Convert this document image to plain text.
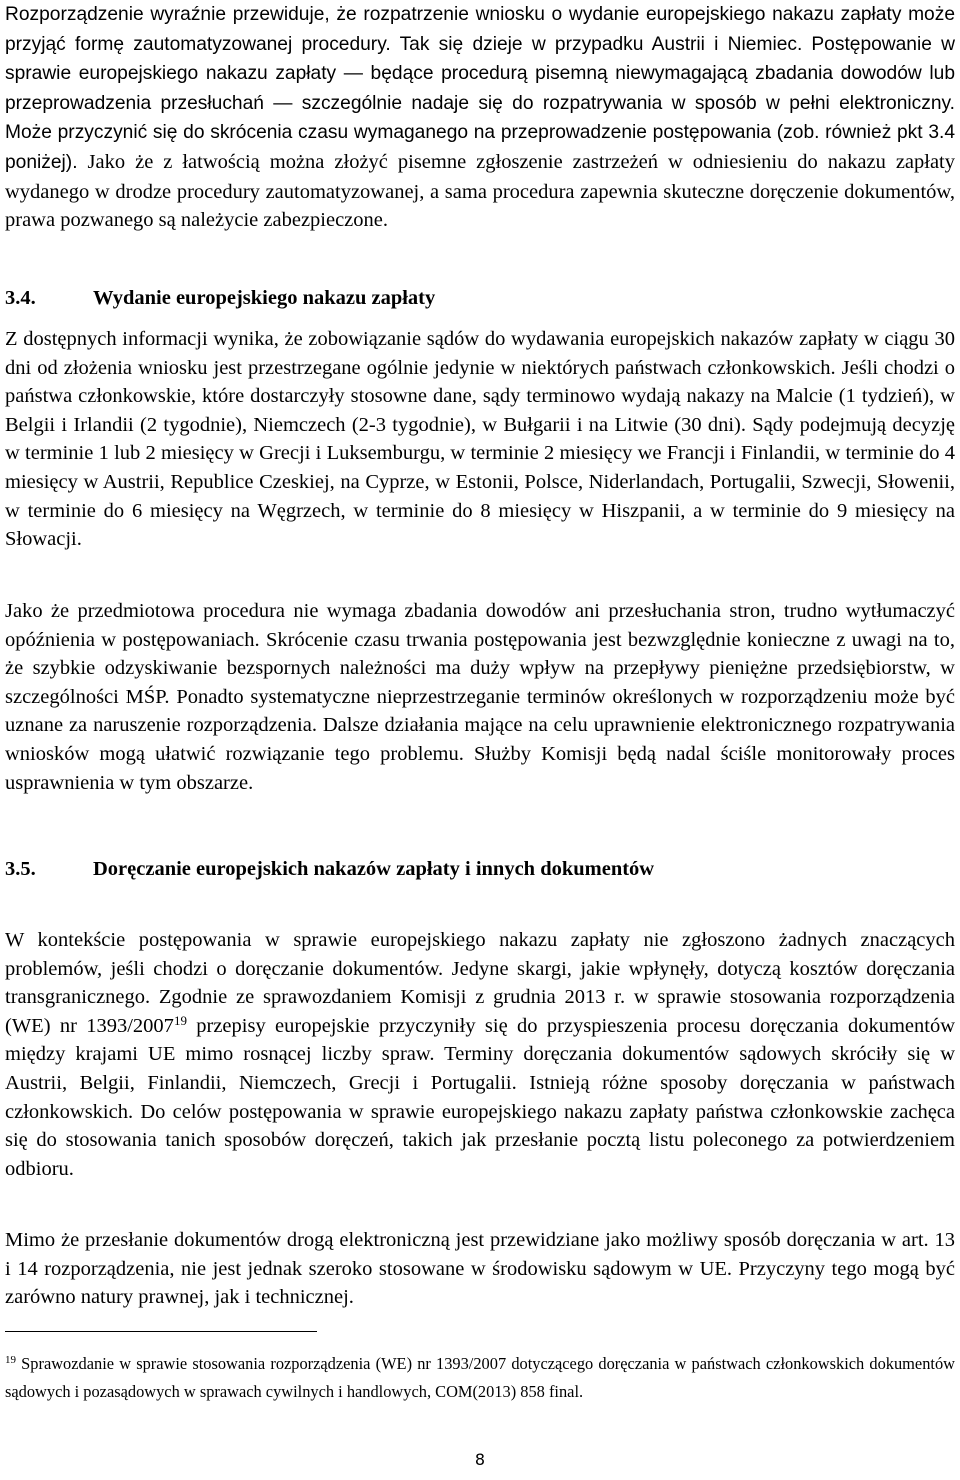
Rozporządzenie wyraźnie przewiduje, że rozpatrzenie wniosku o wydanie europejskiego nakazu zapłaty może przyjąć formę zautomatyzowanej procedury. Tak się dzieje w przypadku Austrii i Niemiec. Postępowanie w sprawie europejskiego nakazu zapłaty — będące procedurą pisemną niewymagającą zbadania dowodów lub przeprowadzenia przesłuchań — szczególnie nadaje się do rozpatrywania w sposób w pełni elektroniczny. Może przyczynić się do skrócenia czasu wymaganego na przeprowadzenie postępowania (zob. również pkt 3.4 poniżej). Jako że z łatwością można złożyć pisemne zgłoszenie zastrzeżeń w odniesieniu do nakazu zapłaty wydanego w drodze procedury zautomatyzowanej, a sama procedura zapewnia skuteczne doręczenie dokumentów, prawa pozwanego są należycie zabezpieczone.

3.4.	Wydanie europejskiego nakazu zapłaty

Z dostępnych informacji wynika, że zobowiązanie sądów do wydawania europejskich nakazów zapłaty w ciągu 30 dni od złożenia wniosku jest przestrzegane ogólnie jedynie w niektórych państwach członkowskich. Jeśli chodzi o państwa członkowskie, które dostarczyły stosowne dane, sądy terminowo wydają nakazy na Malcie (1 tydzień), w Belgii i Irlandii (2 tygodnie), Niemczech (2-3 tygodnie), w Bułgarii i na Litwie (30 dni). Sądy podejmują decyzję w terminie 1 lub 2 miesięcy w Grecji i Luksemburgu, w terminie 2 miesięcy we Francji i Finlandii, w terminie do 4 miesięcy w Austrii, Republice Czeskiej, na Cyprze, w Estonii, Polsce, Niderlandach, Portugalii, Szwecji, Słowenii, w terminie do 6 miesięcy na Węgrzech, w terminie do 8 miesięcy w Hiszpanii, a w terminie do 9 miesięcy na Słowacji.

Jako że przedmiotowa procedura nie wymaga zbadania dowodów ani przesłuchania stron, trudno wytłumaczyć opóźnienia w postępowaniach. Skrócenie czasu trwania postępowania jest bezwzględnie konieczne z uwagi na to, że szybkie odzyskiwanie bezspornych należności ma duży wpływ na przepływy pieniężne przedsiębiorstw, w szczególności MŚP. Ponadto systematyczne nieprzestrzeganie terminów określonych w rozporządzeniu może być uznane za naruszenie rozporządzenia. Dalsze działania mające na celu uprawnienie elektronicznego rozpatrywania wniosków mogą ułatwić rozwiązanie tego problemu. Służby Komisji będą nadal ściśle monitorowały proces usprawnienia w tym obszarze.

3.5.	Doręczanie europejskich nakazów zapłaty i innych dokumentów

W kontekście postępowania w sprawie europejskiego nakazu zapłaty nie zgłoszono żadnych znaczących problemów, jeśli chodzi o doręczanie dokumentów. Jedyne skargi, jakie wpłynęły, dotyczą kosztów doręczania transgranicznego. Zgodnie ze sprawozdaniem Komisji z grudnia 2013 r. w sprawie stosowania rozporządzenia (WE) nr 1393/2007$^{19}$ przepisy europejskie przyczyniły się do przyspieszenia procesu doręczania dokumentów między krajami UE mimo rosnącej liczby spraw. Terminy doręczania dokumentów sądowych skróciły się w Austrii, Belgii, Finlandii, Niemczech, Grecji i Portugalii. Istnieją różne sposoby doręczania w państwach członkowskich. Do celów postępowania w sprawie europejskiego nakazu zapłaty państwa członkowskie zachęca się do stosowania tanich sposobów doręczeń, takich jak przesłanie pocztą listu poleconego za potwierdzeniem odbioru.

Mimo że przesłanie dokumentów drogą elektroniczną jest przewidziane jako możliwy sposób doręczania w art. 13 i 14 rozporządzenia, nie jest jednak szeroko stosowane w środowisku sądowym w UE. Przyczyny tego mogą być zarówno natury prawnej, jak i technicznej.

$^{19}$ Sprawozdanie w sprawie stosowania rozporządzenia (WE) nr 1393/2007 dotyczącego doręczania w państwach członkowskich dokumentów sądowych i pozasądowych w sprawach cywilnych i handlowych, COM(2013) 858 final.

8
